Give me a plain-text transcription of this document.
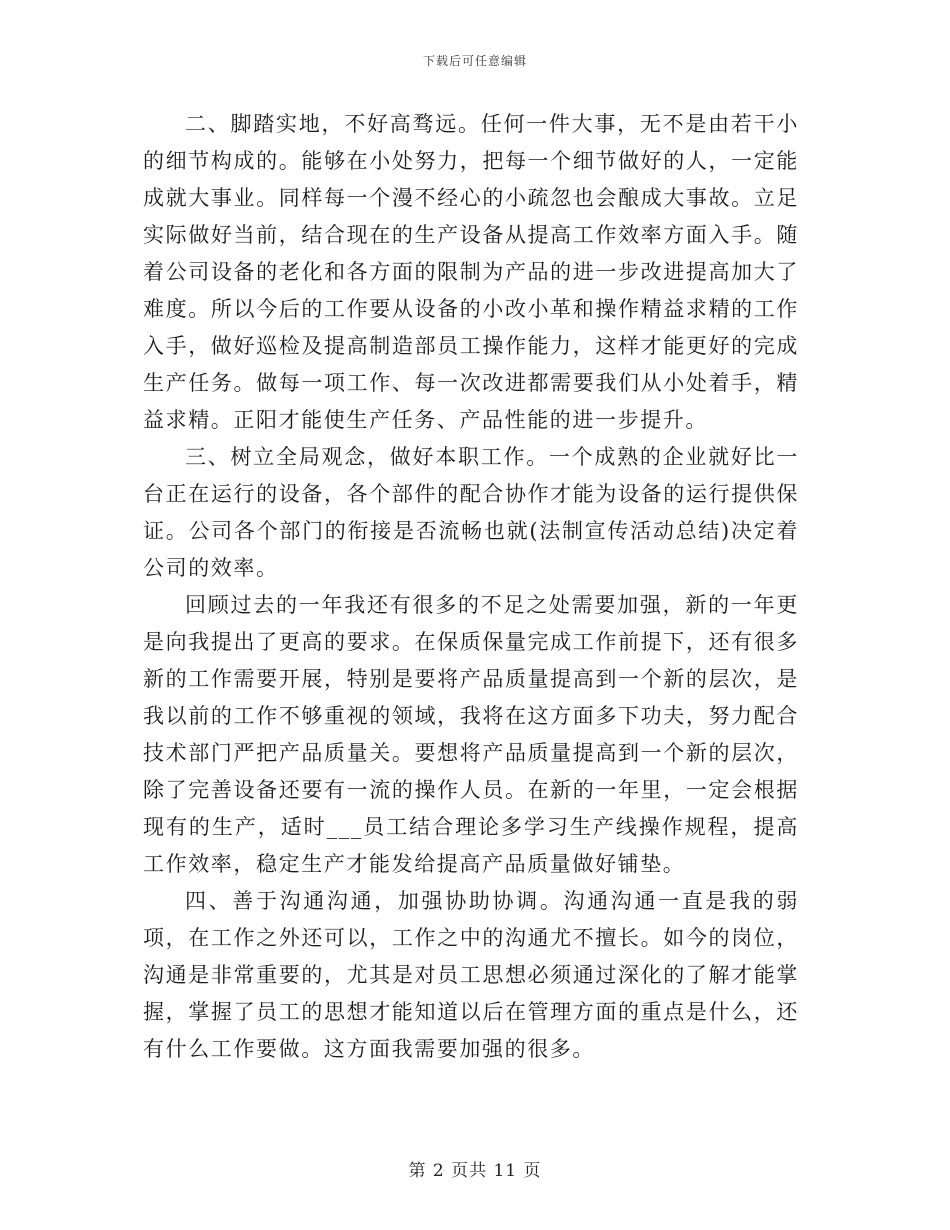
下载后可任意编辑

二、脚踏实地，不好高骛远。任何一件大事，无不是由若干小的细节构成的。能够在小处努力，把每一个细节做好的人，一定能成就大事业。同样每一个漫不经心的小疏忽也会酿成大事故。立足实际做好当前，结合现在的生产设备从提高工作效率方面入手。随着公司设备的老化和各方面的限制为产品的进一步改进提高加大了难度。所以今后的工作要从设备的小改小革和操作精益求精的工作入手，做好巡检及提高制造部员工操作能力，这样才能更好的完成生产任务。做每一项工作、每一次改进都需要我们从小处着手，精益求精。正阳才能使生产任务、产品性能的进一步提升。

三、树立全局观念，做好本职工作。一个成熟的企业就好比一台正在运行的设备，各个部件的配合协作才能为设备的运行提供保证。公司各个部门的衔接是否流畅也就(法制宣传活动总结)决定着公司的效率。

回顾过去的一年我还有很多的不足之处需要加强，新的一年更是向我提出了更高的要求。在保质保量完成工作前提下，还有很多新的工作需要开展，特别是要将产品质量提高到一个新的层次，是我以前的工作不够重视的领域，我将在这方面多下功夫，努力配合技术部门严把产品质量关。要想将产品质量提高到一个新的层次，除了完善设备还要有一流的操作人员。在新的一年里，一定会根据现有的生产，适时___员工结合理论多学习生产线操作规程，提高工作效率，稳定生产才能发给提高产品质量做好铺垫。

四、善于沟通沟通，加强协助协调。沟通沟通一直是我的弱项，在工作之外还可以，工作之中的沟通尤不擅长。如今的岗位，沟通是非常重要的，尤其是对员工思想必须通过深化的了解才能掌握，掌握了员工的思想才能知道以后在管理方面的重点是什么，还有什么工作要做。这方面我需要加强的很多。

第 2 页共 11 页
